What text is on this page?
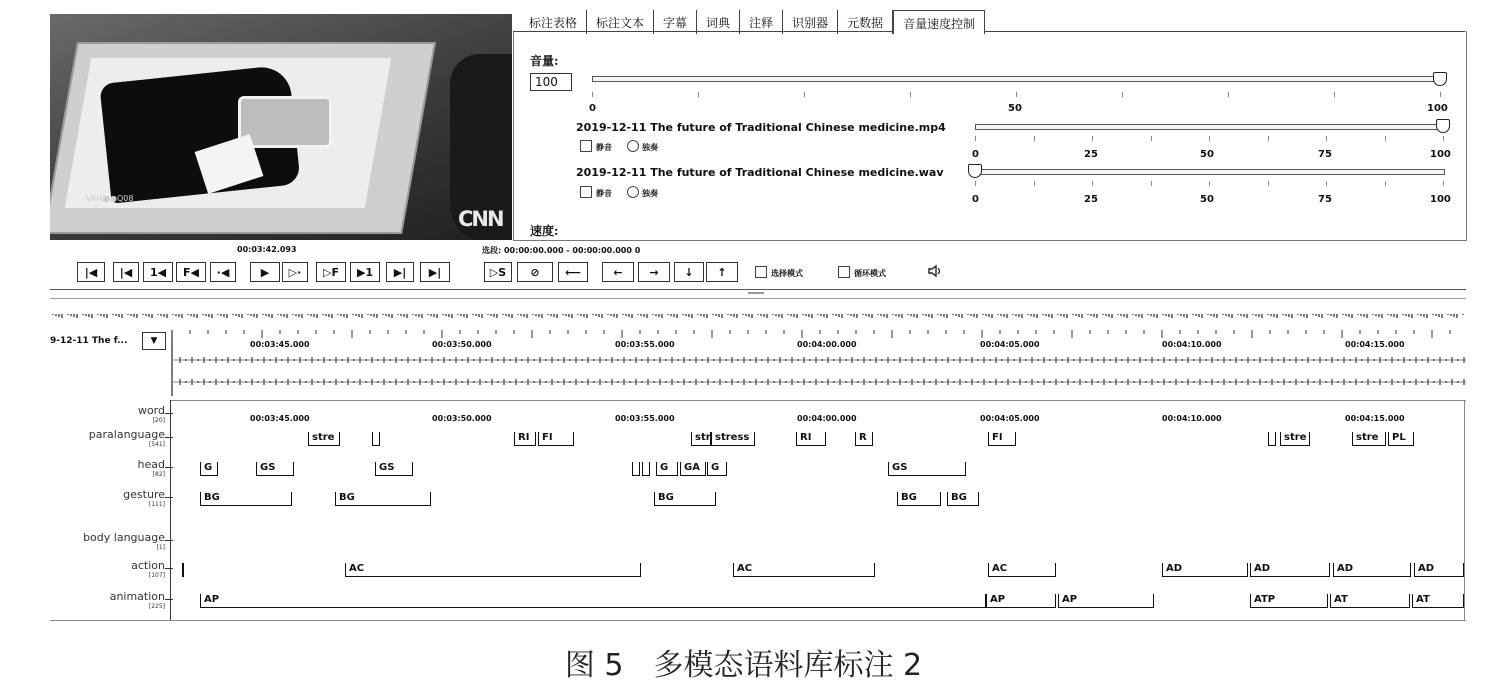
VAN■●Q08
CNN
标注表格	标注文本	字幕	词典	注释	识别器	元数据	音量速度控制
音量:
100
0	50	100
2019-12-11 The future of Traditional Chinese medicine.mp4
静音	独奏
0	25	50	75	100
2019-12-11 The future of Traditional Chinese medicine.wav
静音	独奏
0	25	50	75	100
速度:
00:03:42.093	选段: 00:00:00.000 - 00:00:00.000 0
|◀	|◀	1◀	F◀	·◀	▶	▷·	▷F	▶1	▶|	▶|	▷S	⊘	⟵	←	→	↓	↑	选择模式	循环模式
9-12-11 The f...	▼	00:03:45.000	00:03:50.000	00:03:55.000	00:04:00.000	00:04:05.000	00:04:10.000	00:04:15.000
00:03:45.000	00:03:50.000	00:03:55.000	00:04:00.000	00:04:05.000	00:04:10.000	00:04:15.000
word
[20]
paralanguage
[541]
stre	RI FI	str stress	RI	R	FI	stre	stre PL
head
[82]
G	GS	GS	G GA G	GS
gesture
[111]
BG	BG	BG	BG	BG
body language
[1]
action
[107]
AC	AC	AC	AD	AD	AD	AD
animation
[225]
AP	AP	AP	ATP	AT	AT
图 5　多模态语料库标注 2
